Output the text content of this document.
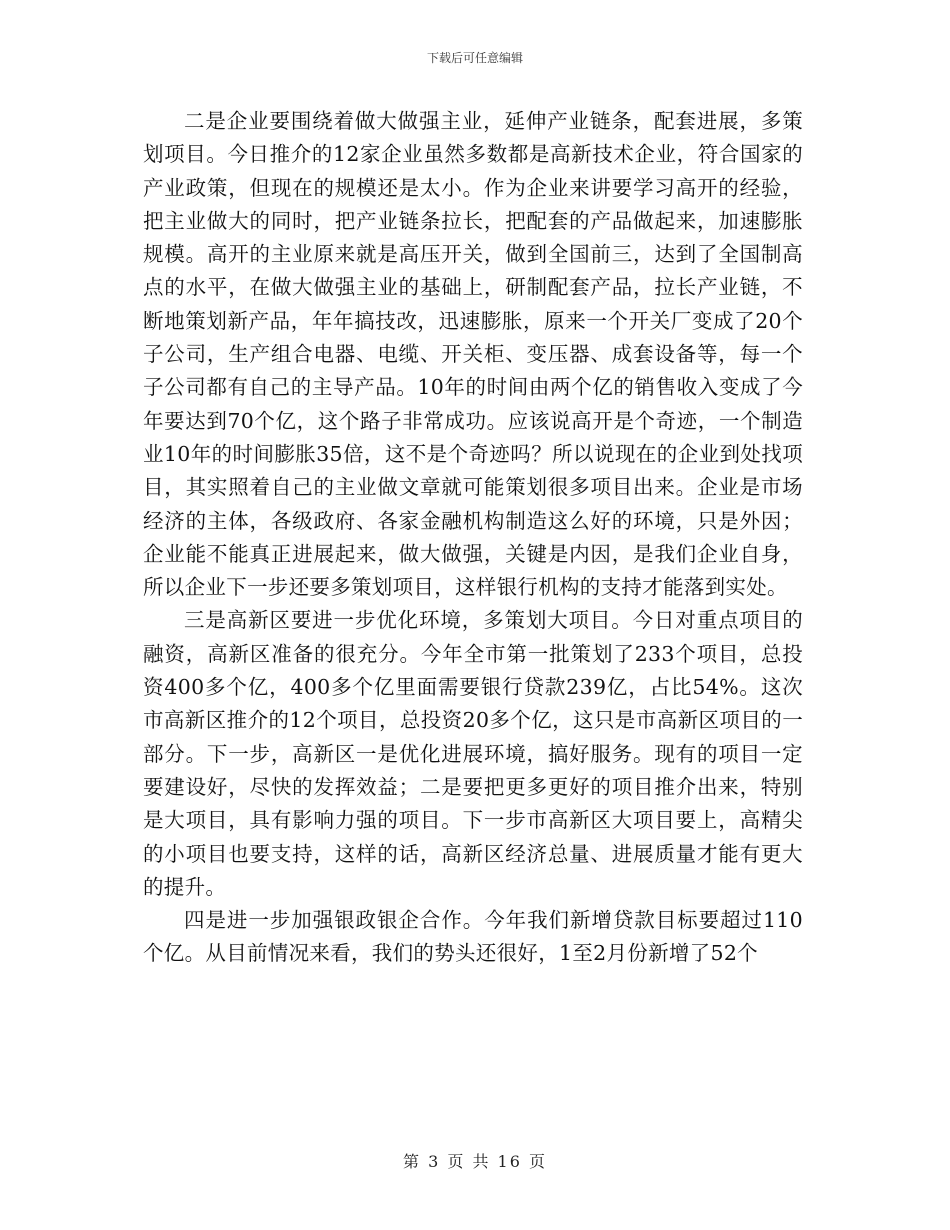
下载后可任意编辑

二是企业要围绕着做大做强主业，延伸产业链条，配套进展，多策划项目。今日推介的12家企业虽然多数都是高新技术企业，符合国家的产业政策，但现在的规模还是太小。作为企业来讲要学习高开的经验，把主业做大的同时，把产业链条拉长，把配套的产品做起来，加速膨胀规模。高开的主业原来就是高压开关，做到全国前三，达到了全国制高点的水平，在做大做强主业的基础上，研制配套产品，拉长产业链，不断地策划新产品，年年搞技改，迅速膨胀，原来一个开关厂变成了20个子公司，生产组合电器、电缆、开关柜、变压器、成套设备等，每一个子公司都有自己的主导产品。10年的时间由两个亿的销售收入变成了今年要达到70个亿，这个路子非常成功。应该说高开是个奇迹，一个制造业10年的时间膨胀35倍，这不是个奇迹吗？所以说现在的企业到处找项目，其实照着自己的主业做文章就可能策划很多项目出来。企业是市场经济的主体，各级政府、各家金融机构制造这么好的环境，只是外因；企业能不能真正进展起来，做大做强，关键是内因，是我们企业自身，所以企业下一步还要多策划项目，这样银行机构的支持才能落到实处。

三是高新区要进一步优化环境，多策划大项目。今日对重点项目的融资，高新区准备的很充分。今年全市第一批策划了233个项目，总投资400多个亿，400多个亿里面需要银行贷款239亿，占比54%。这次市高新区推介的12个项目，总投资20多个亿，这只是市高新区项目的一部分。下一步，高新区一是优化进展环境，搞好服务。现有的项目一定要建设好，尽快的发挥效益；二是要把更多更好的项目推介出来，特别是大项目，具有影响力强的项目。下一步市高新区大项目要上，高精尖的小项目也要支持，这样的话，高新区经济总量、进展质量才能有更大的提升。

四是进一步加强银政银企合作。今年我们新增贷款目标要超过110个亿。从目前情况来看，我们的势头还很好，1至2月份新增了52个

第 3 页 共 16 页
